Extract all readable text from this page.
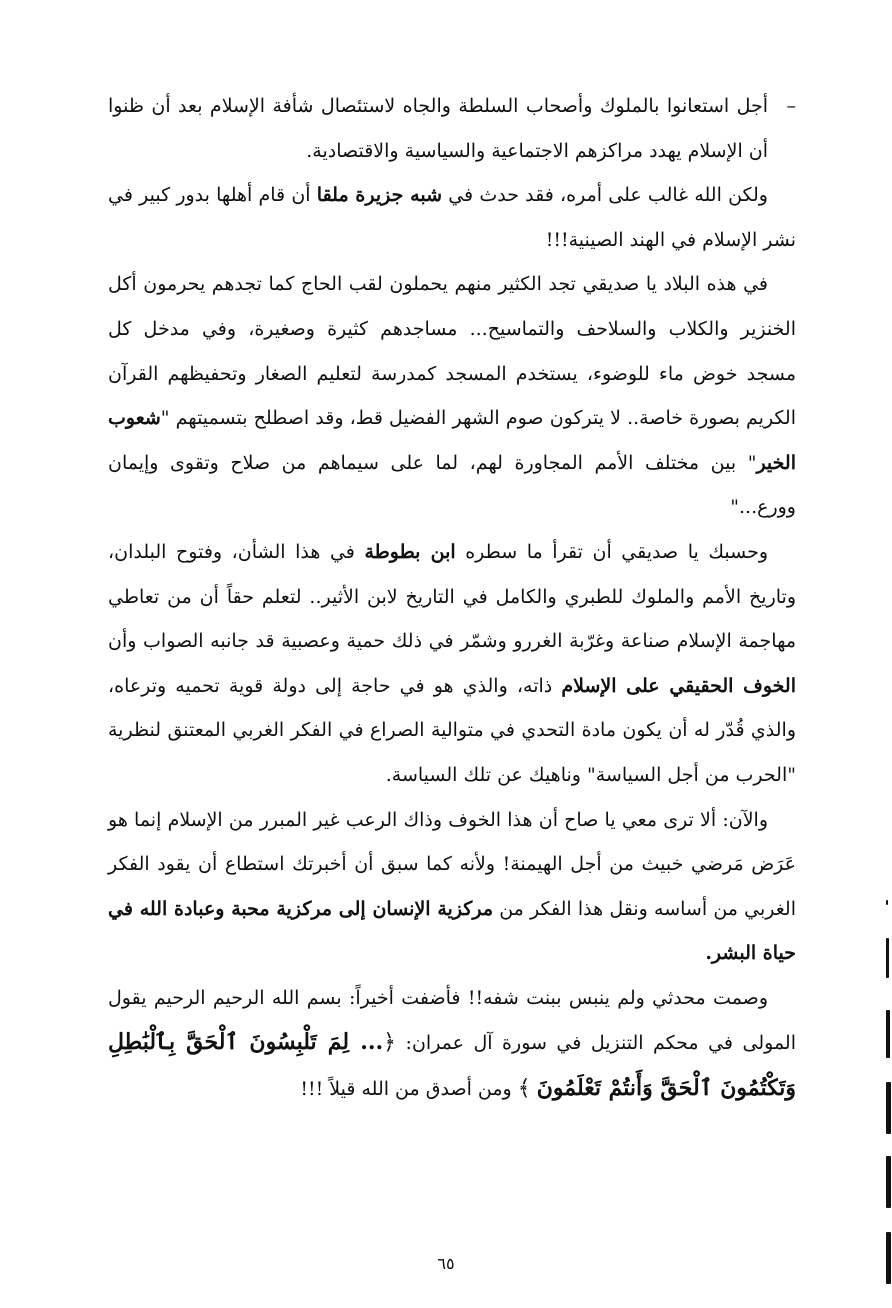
–
أجل استعانوا بالملوك وأصحاب السلطة والجاه لاستئصال شأفة الإسلام بعد أن ظنوا أن الإسلام يهدد مراكزهم الاجتماعية والسياسية والاقتصادية.

ولكن الله غالب على أمره، فقد حدث في شبه جزيرة ملقا أن قام أهلها بدور كبير في نشر الإسلام في الهند الصينية!!!

في هذه البلاد يا صديقي تجد الكثير منهم يحملون لقب الحاج كما تجدهم يحرمون أكل الخنزير والكلاب والسلاحف والتماسيح... مساجدهم كثيرة وصغيرة، وفي مدخل كل مسجد خوض ماء للوضوء، يستخدم المسجد كمدرسة لتعليم الصغار وتحفيظهم القرآن الكريم بصورة خاصة.. لا يتركون صوم الشهر الفضيل قط، وقد اصطلح بتسميتهم "شعوب الخير" بين مختلف الأمم المجاورة لهم، لما على سيماهم من صلاح وتقوى وإيمان وورع..."

وحسبك يا صديقي أن تقرأ ما سطره ابن بطوطة في هذا الشأن، وفتوح البلدان، وتاريخ الأمم والملوك للطبري والكامل في التاريخ لابن الأثير.. لتعلم حقاً أن من تعاطي مهاجمة الإسلام صناعة وغرّبة الغررو وشمّر في ذلك حمية وعصبية قد جانبه الصواب وأن الخوف الحقيقي على الإسلام ذاته، والذي هو في حاجة إلى دولة قوية تحميه وترعاه، والذي قُدّر له أن يكون مادة التحدي في متوالية الصراع في الفكر الغربي المعتنق لنظرية "الحرب من أجل السياسة" وناهيك عن تلك السياسة.

والآن: ألا ترى معي يا صاح أن هذا الخوف وذاك الرعب غير المبرر من الإسلام إنما هو عَرَض مَرضي خبيث من أجل الهيمنة! ولأنه كما سبق أن أخبرتك استطاع أن يقود الفكر الغربي من أساسه ونقل هذا الفكر من مركزية الإنسان إلى مركزية محبة وعبادة الله في حياة البشر.

وصمت محدثي ولم ينبس ببنت شفه!! فأضفت أخيراً: بسم الله الرحيم الرحيم يقول المولى في محكم التنزيل في سورة آل عمران: ﴿... لِمَ تَلْبِسُونَ ٱلْحَقَّ بِٱلْبَٰطِلِ وَتَكْتُمُونَ ٱلْحَقَّ وَأَنتُمْ تَعْلَمُونَ ﴾ ومن أصدق من الله قيلاً !!!

٦٥
